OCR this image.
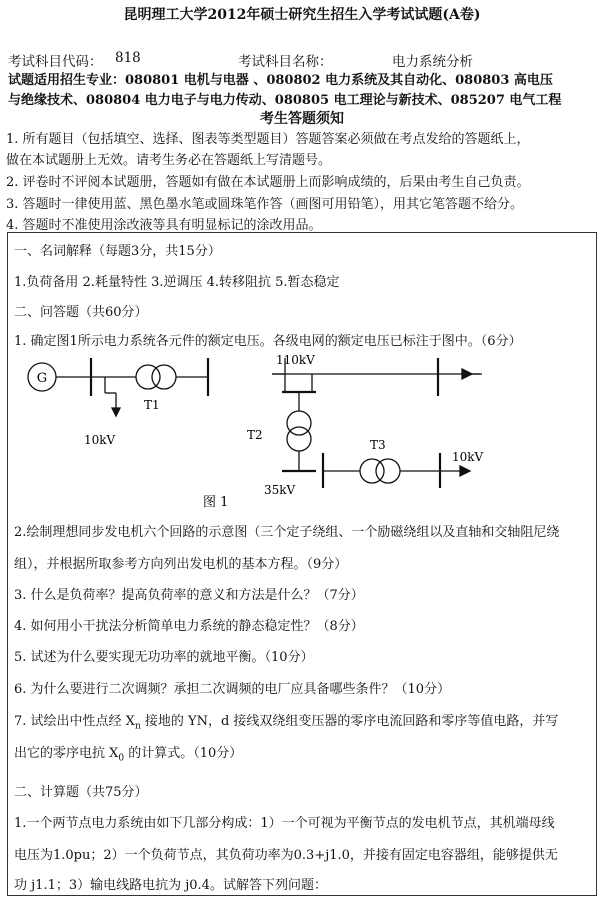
昆明理工大学2012年硕士研究生招生入学考试试题(A卷)
考试科目代码： 818	考试科目名称：	电力系统分析
试题适用招生专业：080801 电机与电器 、080802 电力系统及其自动化、080803 高电压
与绝缘技术、080804 电力电子与电力传动、080805 电工理论与新技术、085207 电气工程
考生答题须知
1. 所有题目（包括填空、选择、图表等类型题目）答题答案必须做在考点发给的答题纸上，
做在本试题册上无效。请考生务必在答题纸上写清题号。
2. 评卷时不评阅本试题册，答题如有做在本试题册上而影响成绩的，后果由考生自己负责。
3. 答题时一律使用蓝、黑色墨水笔或圆珠笔作答（画图可用铅笔），用其它笔答题不给分。
4. 答题时不准使用涂改液等具有明显标记的涂改用品。
一、名词解释（每题3分，共15分）
1.负荷备用 2.耗量特性 3.逆调压 4.转移阻抗 5.暂态稳定
二、问答题（共60分）
1. 确定图1所示电力系统各元件的额定电压。各级电网的额定电压已标注于图中。（6分）
G
T1
10kV
110kV
T2
T3
10kV
35kV
图 1
2.绘制理想同步发电机六个回路的示意图（三个定子绕组、一个励磁绕组以及直轴和交轴阻尼绕
组），并根据所取参考方向列出发电机的基本方程。（9分）
3. 什么是负荷率？提高负荷率的意义和方法是什么？（7分）
4. 如何用小干扰法分析简单电力系统的静态稳定性？（8分）
5. 试述为什么要实现无功功率的就地平衡。（10分）
6. 为什么要进行二次调频？承担二次调频的电厂应具备哪些条件？（10分）
7. 试绘出中性点经 $X_n$ 接地的 YN，d 接线双绕组变压器的零序电流回路和零序等值电路，并写
出它的零序电抗 $X_0$ 的计算式。（10分）
二、计算题（共75分）
1.一个两节点电力系统由如下几部分构成：1）一个可视为平衡节点的发电机节点，其机端母线
电压为1.0pu；2）一个负荷节点，其负荷功率为0.3+j1.0，并接有固定电容器组，能够提供无
功 j1.1；3）输电线路电抗为 j0.4。试解答下列问题：
